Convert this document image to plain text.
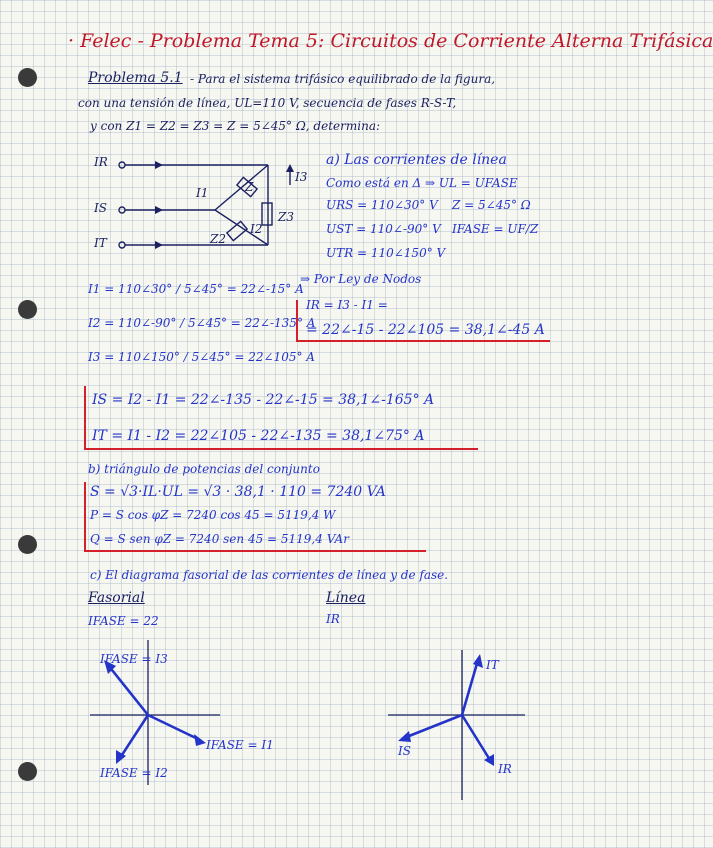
· Felec - Problema Tema 5: Circuitos de Corriente Alterna Trifásica
Problema 5.1 - Para el sistema trifásico equilibrado de la figura,
con una tensión de línea, UL=110 V, secuencia de fases R-S-T,
y con Z1 = Z2 = Z3 = Z = 5∠45° Ω, determina:
IR
IS
IT
Z
I3
Z3
I1
I2
Z2
a) Las corrientes de línea
Como está en Δ ⇒ UL = UFASE
URS = 110∠30° V
UST = 110∠-90° V
UTR = 110∠150° V
Z = 5∠45° Ω
IFASE = UF/Z
I1 = 110∠30° / 5∠45° = 22∠-15° A
I2 = 110∠-90° / 5∠45° = 22∠-135° A
I3 = 110∠150° / 5∠45° = 22∠105° A
⇒ Por Ley de Nodos
IR = I3 - I1 =
= 22∠-15 - 22∠105 = 38,1∠-45 A
IS = I2 - I1 = 22∠-135 - 22∠-15 = 38,1∠-165° A
IT = I1 - I2 = 22∠105 - 22∠-135 = 38,1∠75° A
b) triángulo de potencias del conjunto
S = √3·IL·UL = √3 · 38,1 · 110 = 7240 VA
P = S cos φZ = 7240 cos 45 = 5119,4 W
Q = S sen φZ = 7240 sen 45 = 5119,4 VAr
c) El diagrama fasorial de las corrientes de línea y de fase.
Fasorial	Línea
IR
IFASE = 22
IFASE = I3
IFASE = I1
IFASE = I2
IT
IS
IR
